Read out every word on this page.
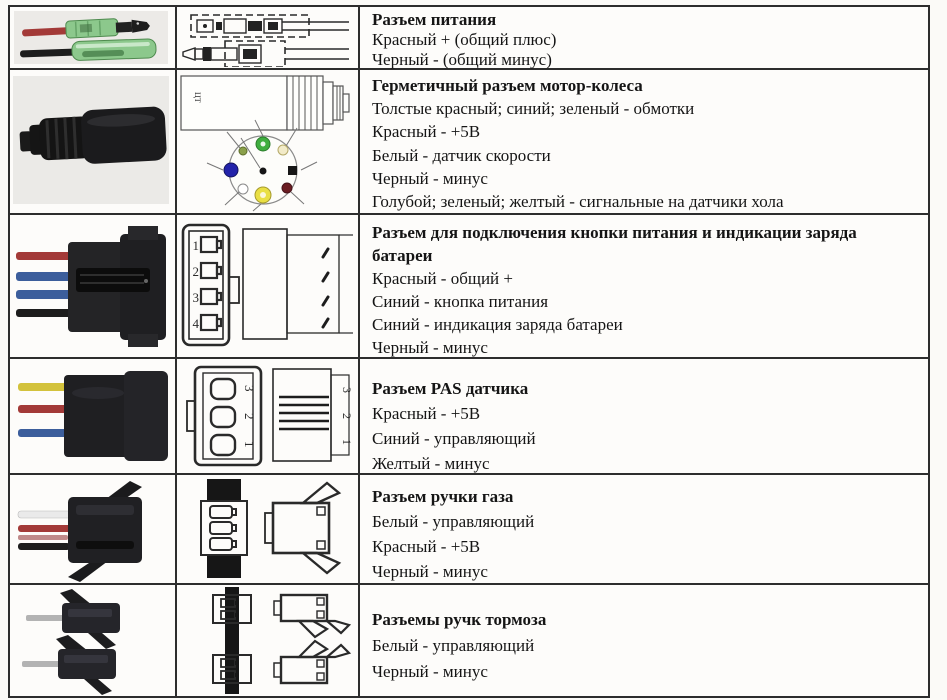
Разъем питания
Красный + (общий плюс)
Черный - (общий минус)
ЦТ
Герметичный разъем мотор-колеса
Толстые красный; синий; зеленый - обмотки
Красный - +5В
Белый - датчик скорости
Черный - минус
Голубой; зеленый; желтый - сигнальные на датчики хола
1
2
3
4
Разъем для подключения кнопки питания и индикации заряда батареи
Красный - общий +
Синий - кнопка питания
Синий - индикация заряда батареи
Черный - минус
3
2
1
3
2
1
Разъем PAS датчика
Красный - +5В
Синий - управляющий
Желтый - минус
Разъем ручки газа
Белый - управляющий
Красный - +5В
Черный - минус
Разъемы ручк тормоза
Белый - управляющий
Черный - минус
